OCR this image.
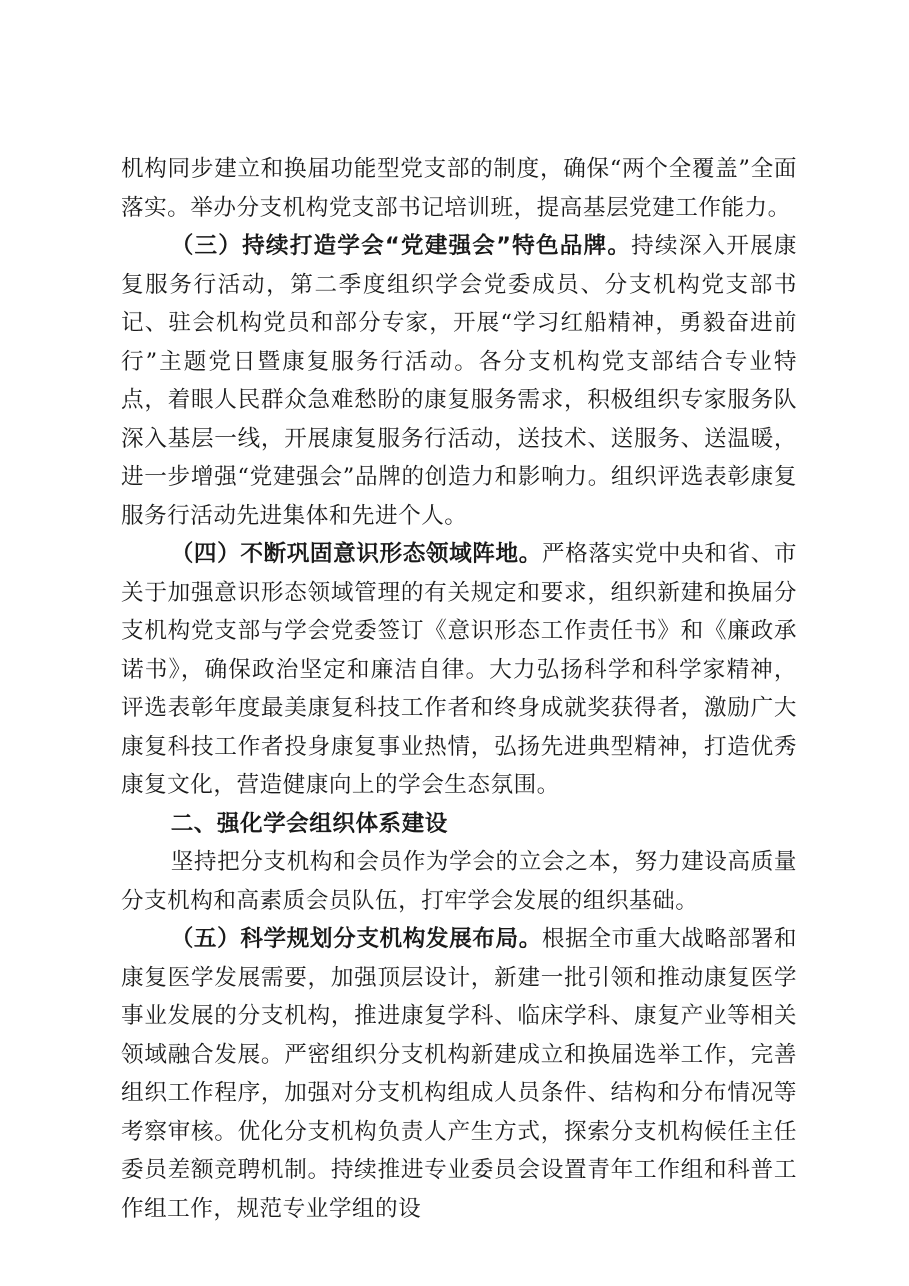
机构同步建立和换届功能型党支部的制度，确保“两个全覆盖”全面落实。举办分支机构党支部书记培训班，提高基层党建工作能力。

（三）持续打造学会“党建强会”特色品牌。持续深入开展康复服务行活动，第二季度组织学会党委成员、分支机构党支部书记、驻会机构党员和部分专家，开展“学习红船精神，勇毅奋进前行”主题党日暨康复服务行活动。各分支机构党支部结合专业特点，着眼人民群众急难愁盼的康复服务需求，积极组织专家服务队深入基层一线，开展康复服务行活动，送技术、送服务、送温暖，进一步增强“党建强会”品牌的创造力和影响力。组织评选表彰康复服务行活动先进集体和先进个人。

（四）不断巩固意识形态领域阵地。严格落实党中央和省、市关于加强意识形态领域管理的有关规定和要求，组织新建和换届分支机构党支部与学会党委签订《意识形态工作责任书》和《廉政承诺书》，确保政治坚定和廉洁自律。大力弘扬科学和科学家精神，评选表彰年度最美康复科技工作者和终身成就奖获得者，激励广大康复科技工作者投身康复事业热情，弘扬先进典型精神，打造优秀康复文化，营造健康向上的学会生态氛围。

二、强化学会组织体系建设

坚持把分支机构和会员作为学会的立会之本，努力建设高质量分支机构和高素质会员队伍，打牢学会发展的组织基础。

（五）科学规划分支机构发展布局。根据全市重大战略部署和康复医学发展需要，加强顶层设计，新建一批引领和推动康复医学事业发展的分支机构，推进康复学科、临床学科、康复产业等相关领域融合发展。严密组织分支机构新建成立和换届选举工作，完善组织工作程序，加强对分支机构组成人员条件、结构和分布情况等考察审核。优化分支机构负责人产生方式，探索分支机构候任主任委员差额竞聘机制。持续推进专业委员会设置青年工作组和科普工作组工作，规范专业学组的设
